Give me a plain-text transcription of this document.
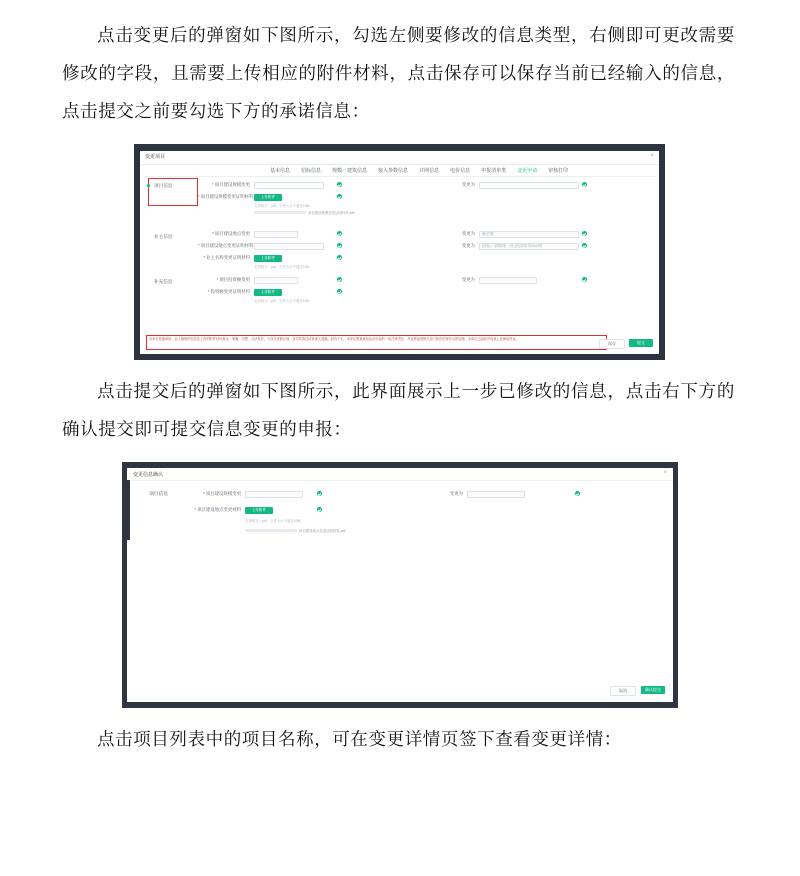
点击变更后的弹窗如下图所示，勾选左侧要修改的信息类型，右侧即可更改需要修改的字段，且需要上传相应的附件材料，点击保存可以保存当前已经输入的信息，点击提交之前要勾选下方的承诺信息：

变更项目	×
基本信息 招标信息 规模／建筑信息 接入参数信息 并网信息 电价信息 申报清单类 变更申请 审核打印
项目信息
业主信息
补充信息
*项目建设规模变更	变更为
*项目建设规模变更证明材料	上传附件
支持格式：pdf，文件大小不超过10M
项目建设规模变更证明材料.pdf
*项目建设地点变更	变更为	新名称
*项目建设地点变更证明材料	变更为	国家／省级统一社会信用代码证明
*业主名称变更证明材料	上传附件
支持格式：pdf，文件大小不超过10M
*项目投资额变更	变更为
*投资额变更证明材料	上传附件
支持格式：pdf，文件大小不超过10M
本单位郑重承诺：以上填报的信息及上传的附件材料真实、准确、完整、合法有效，不存在虚假记载、误导性陈述或者重大遗漏。如有不实，本单位愿意承担由此引起的一切法律责任，并自愿接受相关部门依法依规作出的处理。本单位已阅知并同意上述承诺内容。
保存	提交

点击提交后的弹窗如下图所示，此界面展示上一步已修改的信息，点击右下方的确认提交即可提交信息变更的申报：

变更信息确认	×
项目信息	*项目建设规模变更	变更为
*项目建设地点变更材料	上传附件
支持格式：pdf，文件大小不超过10M
项目建设地点变更证明材料.pdf
取消	确认提交

点击项目列表中的项目名称，可在变更详情页签下查看变更详情：
